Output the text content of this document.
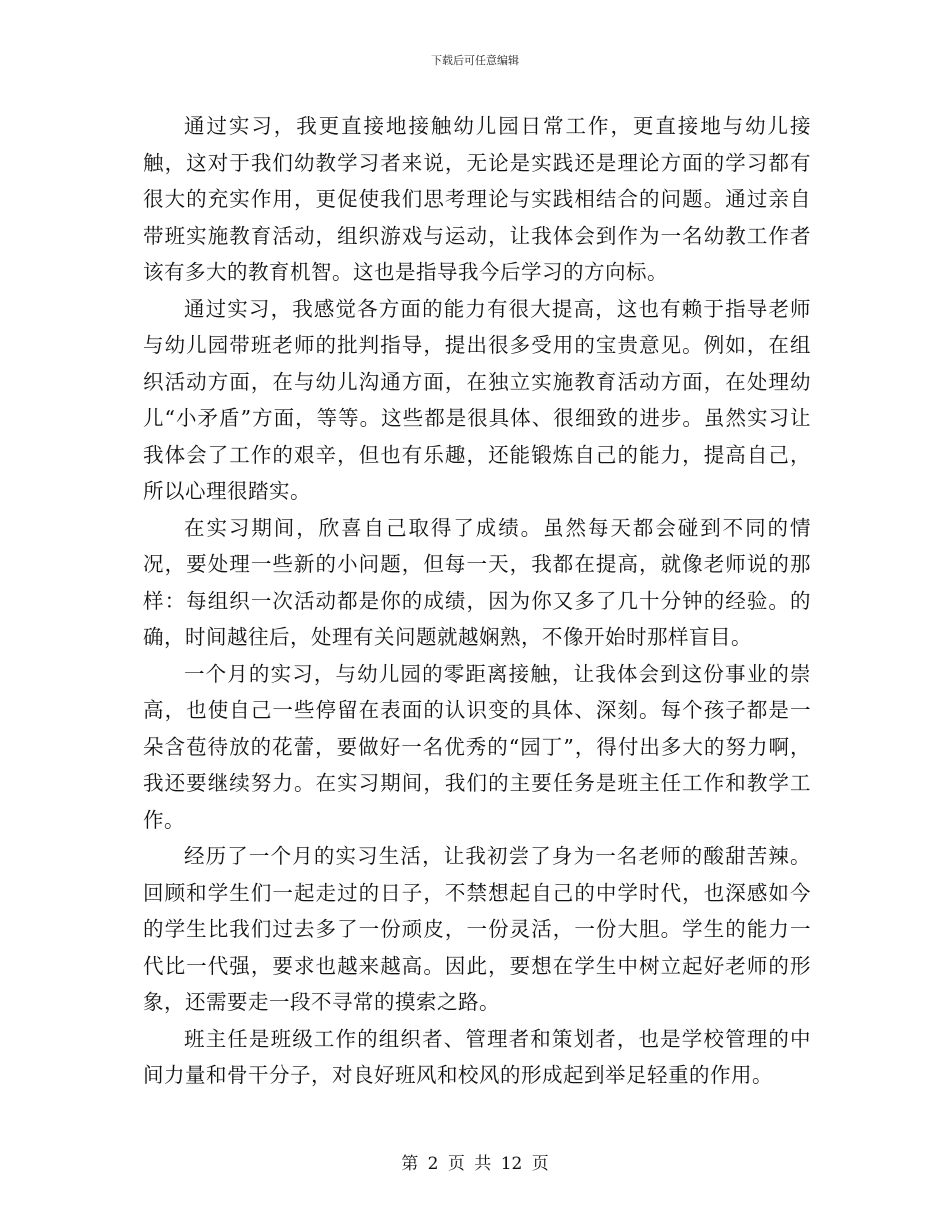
下载后可任意编辑

通过实习，我更直接地接触幼儿园日常工作，更直接地与幼儿接触，这对于我们幼教学习者来说，无论是实践还是理论方面的学习都有很大的充实作用，更促使我们思考理论与实践相结合的问题。通过亲自带班实施教育活动，组织游戏与运动，让我体会到作为一名幼教工作者该有多大的教育机智。这也是指导我今后学习的方向标。

通过实习，我感觉各方面的能力有很大提高，这也有赖于指导老师与幼儿园带班老师的批判指导，提出很多受用的宝贵意见。例如，在组织活动方面，在与幼儿沟通方面，在独立实施教育活动方面，在处理幼儿“小矛盾”方面，等等。这些都是很具体、很细致的进步。虽然实习让我体会了工作的艰辛，但也有乐趣，还能锻炼自己的能力，提高自己，所以心理很踏实。

在实习期间，欣喜自己取得了成绩。虽然每天都会碰到不同的情况，要处理一些新的小问题，但每一天，我都在提高，就像老师说的那样：每组织一次活动都是你的成绩，因为你又多了几十分钟的经验。的确，时间越往后，处理有关问题就越娴熟，不像开始时那样盲目。

一个月的实习，与幼儿园的零距离接触，让我体会到这份事业的崇高，也使自己一些停留在表面的认识变的具体、深刻。每个孩子都是一朵含苞待放的花蕾，要做好一名优秀的“园丁”，得付出多大的努力啊，我还要继续努力。在实习期间，我们的主要任务是班主任工作和教学工作。

经历了一个月的实习生活，让我初尝了身为一名老师的酸甜苦辣。回顾和学生们一起走过的日子，不禁想起自己的中学时代，也深感如今的学生比我们过去多了一份顽皮，一份灵活，一份大胆。学生的能力一代比一代强，要求也越来越高。因此，要想在学生中树立起好老师的形象，还需要走一段不寻常的摸索之路。

班主任是班级工作的组织者、管理者和策划者，也是学校管理的中间力量和骨干分子，对良好班风和校风的形成起到举足轻重的作用。

第 2 页 共 12 页
